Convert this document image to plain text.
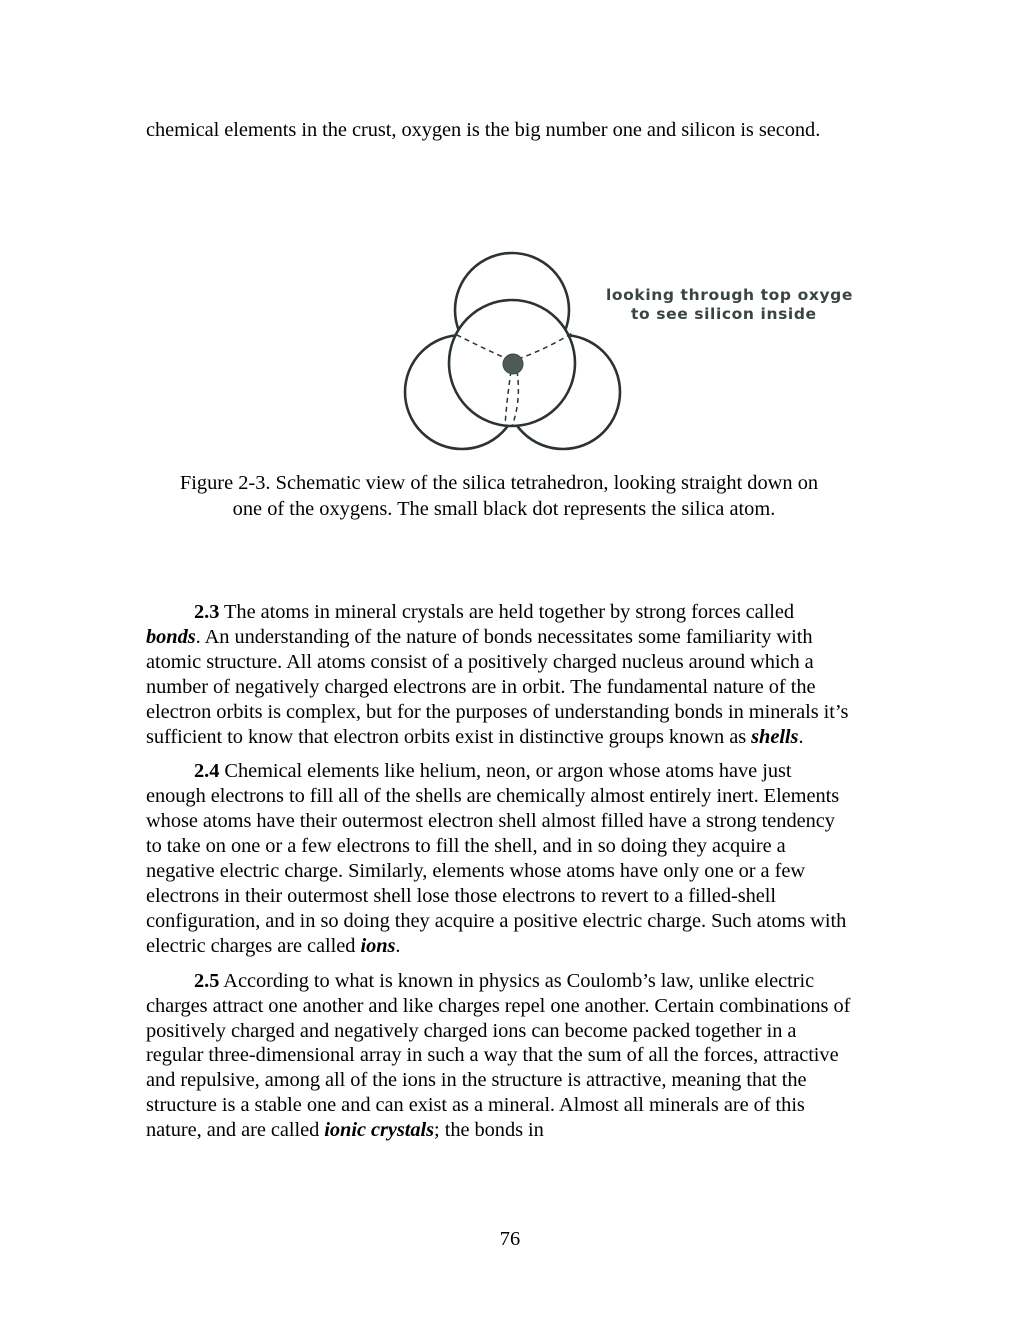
chemical elements in the crust, oxygen is the big number one and silicon is second.

looking through top oxygen
to see silicon inside
Figure 2-3. Schematic view of the silica tetrahedron, looking straight down on
one of the oxygens. The small black dot represents the silica atom.

2.3 The atoms in mineral crystals are held together by strong forces called bonds. An understanding of the nature of bonds necessitates some familiarity with atomic structure. All atoms consist of a positively charged nucleus around which a number of negatively charged electrons are in orbit. The fundamental nature of the electron orbits is complex, but for the purposes of understanding bonds in minerals it’s sufficient to know that electron orbits exist in distinctive groups known as shells.

2.4 Chemical elements like helium, neon, or argon whose atoms have just enough electrons to fill all of the shells are chemically almost entirely inert. Elements whose atoms have their outermost electron shell almost filled have a strong tendency to take on one or a few electrons to fill the shell, and in so doing they acquire a negative electric charge. Similarly, elements whose atoms have only one or a few electrons in their outermost shell lose those electrons to revert to a filled-shell configuration, and in so doing they acquire a positive electric charge. Such atoms with electric charges are called ions.

2.5 According to what is known in physics as Coulomb’s law, unlike electric charges attract one another and like charges repel one another. Certain combinations of positively charged and negatively charged ions can become packed together in a regular three-dimensional array in such a way that the sum of all the forces, attractive and repulsive, among all of the ions in the structure is attractive, meaning that the structure is a stable one and can exist as a mineral. Almost all minerals are of this nature, and are called ionic crystals; the bonds in

76
